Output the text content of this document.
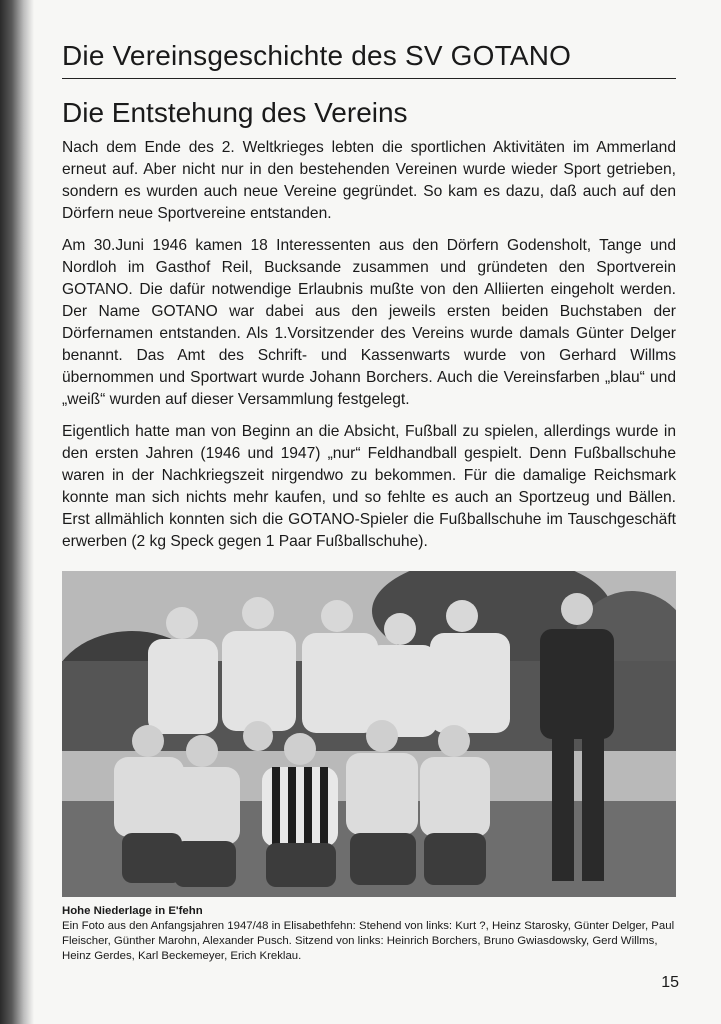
Die Vereinsgeschichte des SV GOTANO
Die Entstehung des Vereins

Nach dem Ende des 2. Weltkrieges lebten die sportlichen Aktivitäten im Ammerland erneut auf. Aber nicht nur in den bestehenden Vereinen wurde wieder Sport getrieben, sondern es wurden auch neue Vereine gegründet. So kam es dazu, daß auch auf den Dörfern neue Sportvereine entstanden.

Am 30.Juni 1946 kamen 18 Interessenten aus den Dörfern Godensholt, Tange und Nordloh im Gasthof Reil, Bucksande zusammen und gründeten den Sportverein GOTANO. Die dafür notwendige Erlaubnis mußte von den Alliierten eingeholt werden. Der Name GOTANO war dabei aus den jeweils ersten beiden Buchstaben der Dörfernamen entstanden. Als 1.Vorsitzender des Vereins wurde damals Günter Delger benannt. Das Amt des Schrift- und Kassenwarts wurde von Gerhard Willms übernommen und Sportwart wurde Johann Borchers. Auch die Vereinsfarben „blau“ und „weiß“ wurden auf dieser Versammlung festgelegt.

Eigentlich hatte man von Beginn an die Absicht, Fußball zu spielen, allerdings wurde in den ersten Jahren (1946 und 1947) „nur“ Feldhandball gespielt. Denn Fußballschuhe waren in der Nachkriegszeit nirgendwo zu bekommen. Für die damalige Reichsmark konnte man sich nichts mehr kaufen, und so fehlte es auch an Sportzeug und Bällen. Erst allmählich konnten sich die GOTANO-Spieler die Fußballschuhe im Tauschgeschäft erwerben (2 kg Speck gegen 1 Paar Fußballschuhe).

Hohe Niederlage in E'fehn
Ein Foto aus den Anfangsjahren 1947/48 in Elisabethfehn: Stehend von links: Kurt ?, Heinz Starosky, Günter Delger, Paul Fleischer, Günther Marohn, Alexander Pusch. Sitzend von links: Heinrich Borchers, Bruno Gwiasdowsky, Gerd Willms, Heinz Gerdes, Karl Beckemeyer, Erich Kreklau.
15
